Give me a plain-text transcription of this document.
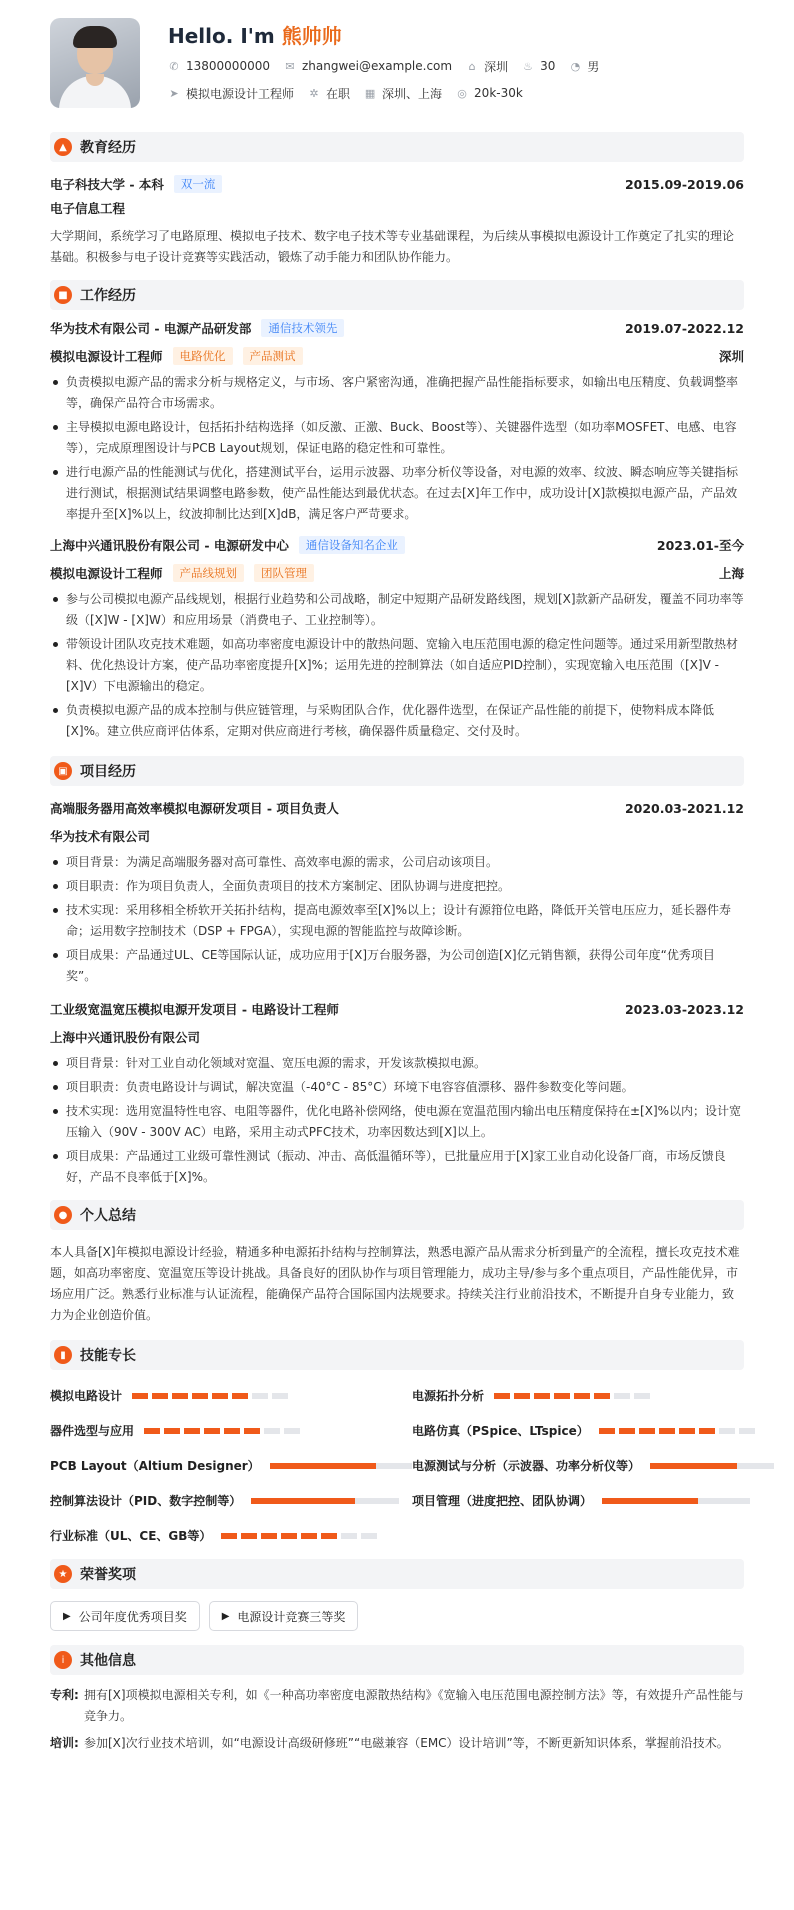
Hello. I'm 熊帅帅
✆ 13800000000 ✉ zhangwei@example.com ⌂ 深圳 ♨ 30 ◔ 男
➤ 模拟电源设计工程师 ✲ 在职 ▦ 深圳、上海 ◎ 20k-30k
▲ 教育经历
电子科技大学 - 本科	双一流	2015.09-2019.06
电子信息工程
大学期间，系统学习了电路原理、模拟电子技术、数字电子技术等专业基础课程，为后续从事模拟电源设计工作奠定了扎实的理论基础。积极参与电子设计竞赛等实践活动，锻炼了动手能力和团队协作能力。
■ 工作经历
华为技术有限公司 - 电源产品研发部	通信技术领先	2019.07-2022.12
模拟电源设计工程师	电路优化	产品测试	深圳
负责模拟电源产品的需求分析与规格定义，与市场、客户紧密沟通，准确把握产品性能指标要求，如输出电压精度、负载调整率等，确保产品符合市场需求。
主导模拟电源电路设计，包括拓扑结构选择（如反激、正激、Buck、Boost等）、关键器件选型（如功率MOSFET、电感、电容等），完成原理图设计与PCB Layout规划，保证电路的稳定性和可靠性。
进行电源产品的性能测试与优化，搭建测试平台，运用示波器、功率分析仪等设备，对电源的效率、纹波、瞬态响应等关键指标进行测试，根据测试结果调整电路参数，使产品性能达到最优状态。在过去[X]年工作中，成功设计[X]款模拟电源产品，产品效率提升至[X]%以上，纹波抑制比达到[X]dB，满足客户严苛要求。
上海中兴通讯股份有限公司 - 电源研发中心	通信设备知名企业	2023.01-至今
模拟电源设计工程师	产品线规划	团队管理	上海
参与公司模拟电源产品线规划，根据行业趋势和公司战略，制定中短期产品研发路线图，规划[X]款新产品研发，覆盖不同功率等级（[X]W - [X]W）和应用场景（消费电子、工业控制等）。
带领设计团队攻克技术难题，如高功率密度电源设计中的散热问题、宽输入电压范围电源的稳定性问题等。通过采用新型散热材料、优化热设计方案，使产品功率密度提升[X]%；运用先进的控制算法（如自适应PID控制），实现宽输入电压范围（[X]V - [X]V）下电源输出的稳定。
负责模拟电源产品的成本控制与供应链管理，与采购团队合作，优化器件选型，在保证产品性能的前提下，使物料成本降低[X]%。建立供应商评估体系，定期对供应商进行考核，确保器件质量稳定、交付及时。
▣ 项目经历
高端服务器用高效率模拟电源研发项目 - 项目负责人	2020.03-2021.12
华为技术有限公司
项目背景：为满足高端服务器对高可靠性、高效率电源的需求，公司启动该项目。
项目职责：作为项目负责人，全面负责项目的技术方案制定、团队协调与进度把控。
技术实现：采用移相全桥软开关拓扑结构，提高电源效率至[X]%以上；设计有源箝位电路，降低开关管电压应力，延长器件寿命；运用数字控制技术（DSP + FPGA），实现电源的智能监控与故障诊断。
项目成果：产品通过UL、CE等国际认证，成功应用于[X]万台服务器，为公司创造[X]亿元销售额，获得公司年度“优秀项目奖”。
工业级宽温宽压模拟电源开发项目 - 电路设计工程师	2023.03-2023.12
上海中兴通讯股份有限公司
项目背景：针对工业自动化领域对宽温、宽压电源的需求，开发该款模拟电源。
项目职责：负责电路设计与调试，解决宽温（-40°C - 85°C）环境下电容容值漂移、器件参数变化等问题。
技术实现：选用宽温特性电容、电阻等器件，优化电路补偿网络，使电源在宽温范围内输出电压精度保持在±[X]%以内；设计宽压输入（90V - 300V AC）电路，采用主动式PFC技术，功率因数达到[X]以上。
项目成果：产品通过工业级可靠性测试（振动、冲击、高低温循环等），已批量应用于[X]家工业自动化设备厂商，市场反馈良好，产品不良率低于[X]%。
● 个人总结
本人具备[X]年模拟电源设计经验，精通多种电源拓扑结构与控制算法，熟悉电源产品从需求分析到量产的全流程，擅长攻克技术难题，如高功率密度、宽温宽压等设计挑战。具备良好的团队协作与项目管理能力，成功主导/参与多个重点项目，产品性能优异，市场应用广泛。熟悉行业标准与认证流程，能确保产品符合国际国内法规要求。持续关注行业前沿技术，不断提升自身专业能力，致力为企业创造价值。
▮	技能专长
模拟电路设计	电源拓扑分析
器件选型与应用	电路仿真（PSpice、LTspice）
PCB Layout（Altium Designer）	电源测试与分析（示波器、功率分析仪等）
控制算法设计（PID、数字控制等）	项目管理（进度把控、团队协调）
行业标准（UL、CE、GB等）
★ 荣誉奖项
▶ 公司年度优秀项目奖	▶ 电源设计竞赛三等奖
i	其他信息
专利: 拥有[X]项模拟电源相关专利，如《一种高功率密度电源散热结构》《宽输入电压范围电源控制方法》等，有效提升产品性能与竞争力。
培训: 参加[X]次行业技术培训，如“电源设计高级研修班”“电磁兼容（EMC）设计培训”等，不断更新知识体系，掌握前沿技术。
